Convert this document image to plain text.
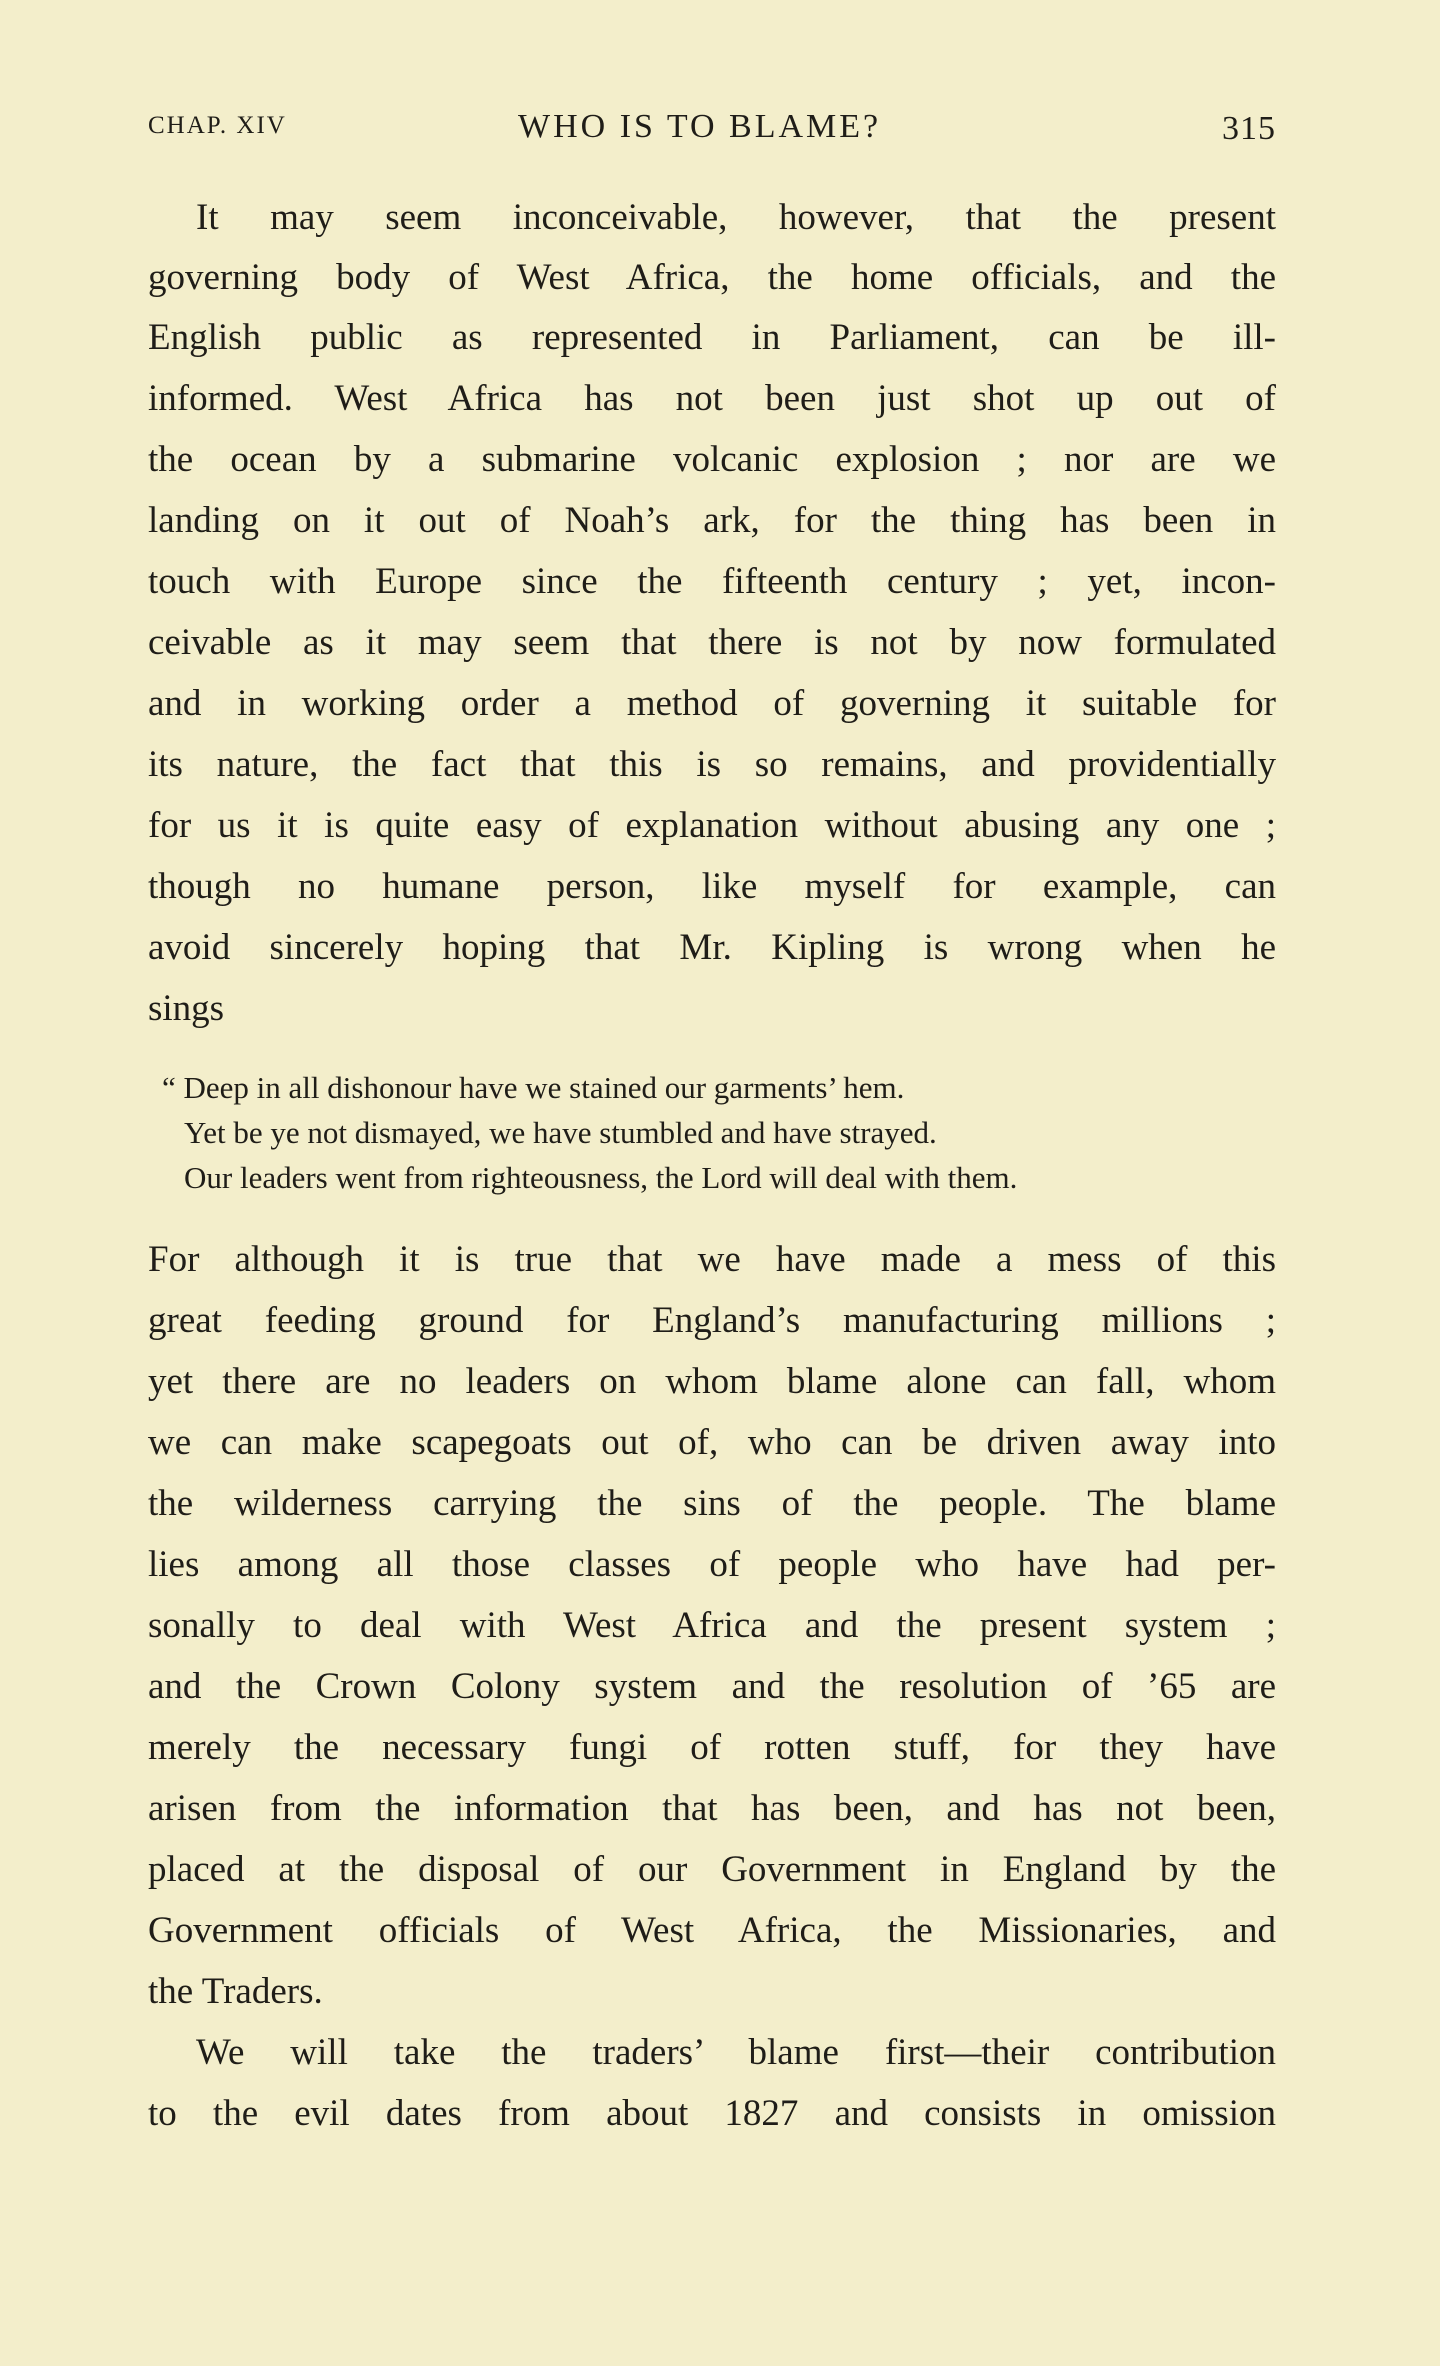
CHAP. XIV	WHO IS TO BLAME?	315
It may seem inconceivable, however, that the present
governing body of West Africa, the home officials, and the
English public as represented in Parliament, can be ill-
informed. West Africa has not been just shot up out of
the ocean by a submarine volcanic explosion ; nor are we
landing on it out of Noah’s ark, for the thing has been in
touch with Europe since the fifteenth century ; yet, incon-
ceivable as it may seem that there is not by now formulated
and in working order a method of governing it suitable for
its nature, the fact that this is so remains, and providentially
for us it is quite easy of explanation without abusing any one ;
though no humane person, like myself for example, can
avoid sincerely hoping that Mr. Kipling is wrong when he
sings
“ Deep in all dishonour have we stained our garments’ hem.
Yet be ye not dismayed, we have stumbled and have strayed.
Our leaders went from righteousness, the Lord will deal with them.
For although it is true that we have made a mess of this
great feeding ground for England’s manufacturing millions ;
yet there are no leaders on whom blame alone can fall, whom
we can make scapegoats out of, who can be driven away into
the wilderness carrying the sins of the people. The blame
lies among all those classes of people who have had per-
sonally to deal with West Africa and the present system ;
and the Crown Colony system and the resolution of ’65 are
merely the necessary fungi of rotten stuff, for they have
arisen from the information that has been, and has not been,
placed at the disposal of our Government in England by the
Government officials of West Africa, the Missionaries, and
the Traders.
We will take the traders’ blame first—their contribution
to the evil dates from about 1827 and consists in omission
